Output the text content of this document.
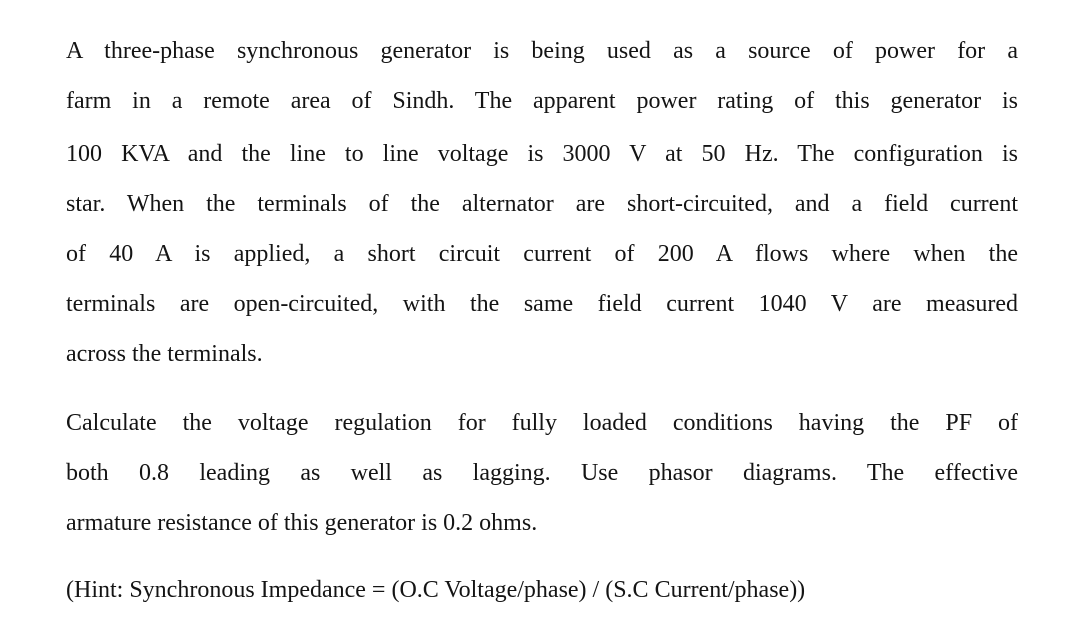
A three-phase synchronous generator is being used as a source of power for a
farm in a remote area of Sindh. The apparent power rating of this generator is
100 KVA and the line to line voltage is 3000 V at 50 Hz. The configuration is
star. When the terminals of the alternator are short-circuited, and a field current
of 40 A is applied, a short circuit current of 200 A flows where when the
terminals are open-circuited, with the same field current 1040 V are measured
across the terminals.
Calculate the voltage regulation for fully loaded conditions having the PF of
both 0.8 leading as well as lagging. Use phasor diagrams. The effective
armature resistance of this generator is 0.2 ohms.
(Hint: Synchronous Impedance = (O.C Voltage/phase) / (S.C Current/phase))
